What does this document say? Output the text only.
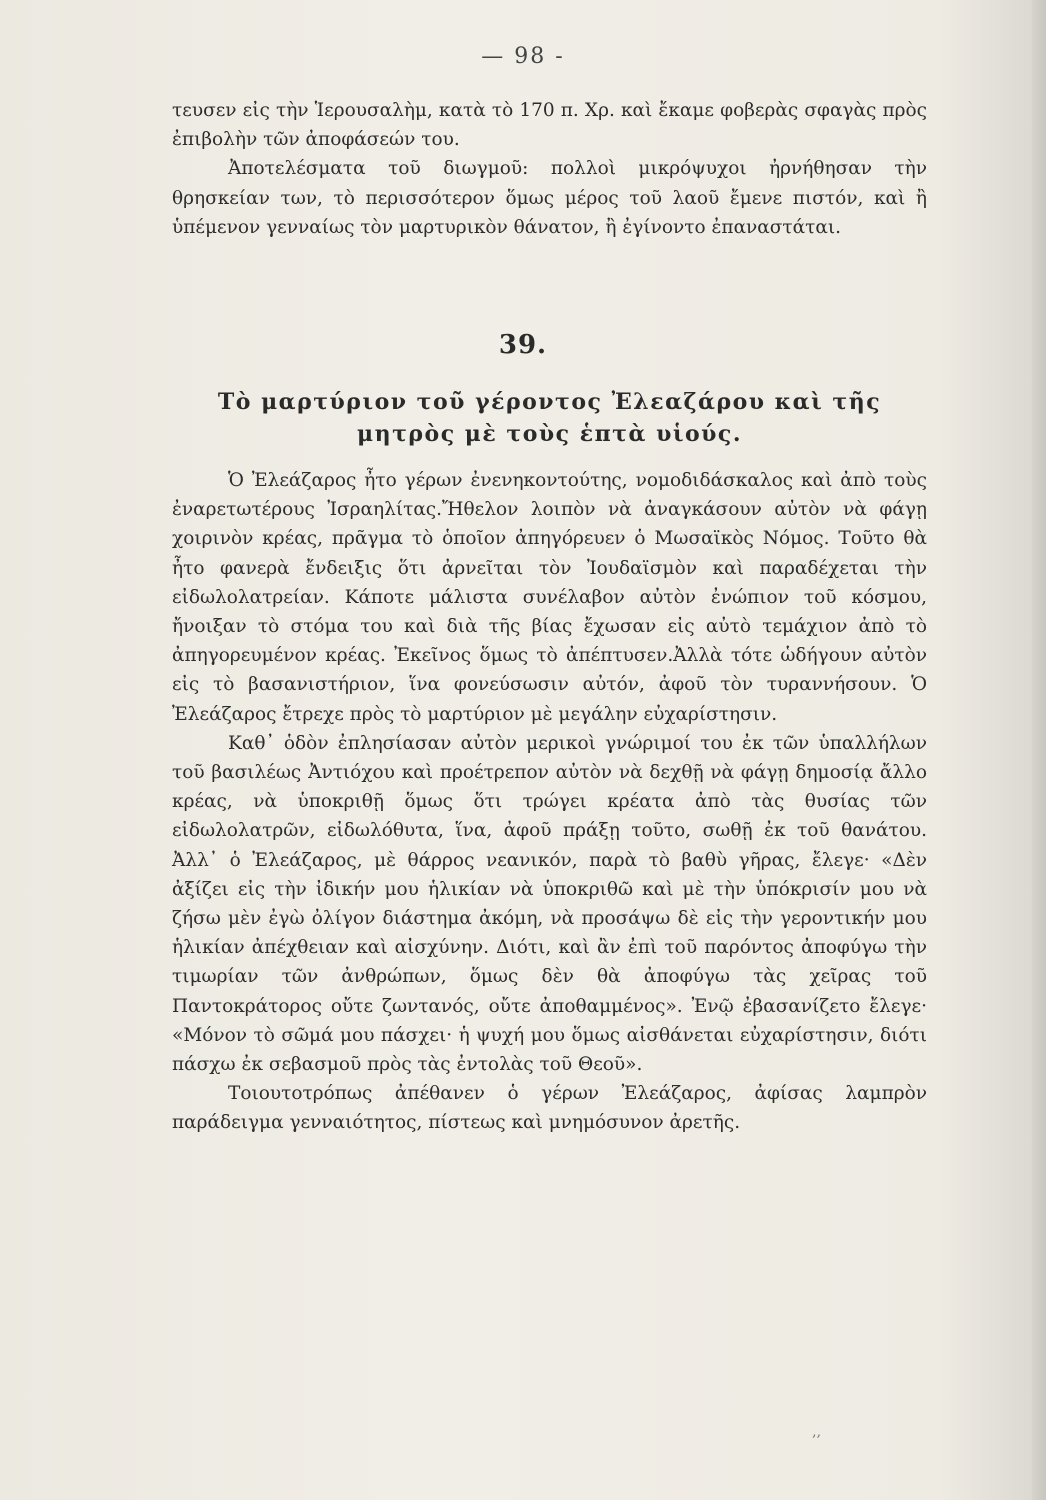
— 98 -

τευσεν εἰς τὴν Ἱερουσαλὴμ, κατὰ τὸ 170 π. Χρ. καὶ ἔκαμε φοβερὰς σφαγὰς πρὸς ἐπιβολὴν τῶν ἀποφάσεών του.

Ἀποτελέσματα τοῦ διωγμοῦ: πολλοὶ μικρόψυχοι ἠρνήθησαν τὴν θρησκείαν των, τὸ περισσότερον ὅμως μέρος τοῦ λαοῦ ἔμενε πιστόν, καὶ ἢ ὑπέμενον γενναίως τὸν μαρτυρικὸν θάνατον, ἢ ἐγίνοντο ἐπαναστάται.

39.
Τὸ μαρτύριον τοῦ γέροντος Ἐλεαζάρου καὶ τῆς μητρὸς μὲ τοὺς ἑπτὰ υἱούς.

Ὁ Ἐλεάζαρος ἦτο γέρων ἐνενηκοντούτης, νομοδιδάσκαλος καὶ ἀπὸ τοὺς ἐναρετωτέρους Ἰσραηλίτας.Ἤθελον λοιπὸν νὰ ἀναγκάσουν αὐτὸν νὰ φάγῃ χοιρινὸν κρέας, πρᾶγμα τὸ ὁποῖον ἀπηγόρευεν ὁ Μωσαϊκὸς Νόμος. Τοῦτο θὰ ἦτο φανερὰ ἔνδειξις ὅτι ἀρνεῖται τὸν Ἰουδαϊσμὸν καὶ παραδέχεται τὴν εἰδωλολατρείαν. Κάποτε μάλιστα συνέλαβον αὐτὸν ἐνώπιον τοῦ κόσμου, ἤνοιξαν τὸ στόμα του καὶ διὰ τῆς βίας ἔχωσαν εἰς αὐτὸ τεμάχιον ἀπὸ τὸ ἀπηγορευμένον κρέας. Ἐκεῖνος ὅμως τὸ ἀπέπτυσεν.Ἀλλὰ τότε ὡδήγουν αὐτὸν εἰς τὸ βασανιστήριον, ἵνα φονεύσωσιν αὐτόν, ἀφοῦ τὸν τυραννήσουν. Ὁ Ἐλεάζαρος ἔτρεχε πρὸς τὸ μαρτύριον μὲ μεγάλην εὐχαρίστησιν.

Καθ᾽ ὁδὸν ἐπλησίασαν αὐτὸν μερικοὶ γνώριμοί του ἐκ τῶν ὑπαλλήλων τοῦ βασιλέως Ἀντιόχου καὶ προέτρεπον αὐτὸν νὰ δεχθῇ νὰ φάγῃ δημοσίᾳ ἄλλο κρέας, νὰ ὑποκριθῇ ὅμως ὅτι τρώγει κρέατα ἀπὸ τὰς θυσίας τῶν εἰδωλολατρῶν, εἰδωλόθυτα, ἵνα, ἀφοῦ πράξῃ τοῦτο, σωθῇ ἐκ τοῦ θανάτου. Ἀλλ᾽ ὁ Ἐλεάζαρος, μὲ θάρρος νεανικόν, παρὰ τὸ βαθὺ γῆρας, ἔλεγε· «Δὲν ἀξίζει εἰς τὴν ἰδικήν μου ἡλικίαν νὰ ὑποκριθῶ καὶ μὲ τὴν ὑπόκρισίν μου νὰ ζήσω μὲν ἐγὼ ὀλίγον διάστημα ἀκόμη, νὰ προσάψω δὲ εἰς τὴν γεροντικήν μου ἡλικίαν ἀπέχθειαν καὶ αἰσχύνην. Διότι, καὶ ἂν ἐπὶ τοῦ παρόντος ἀποφύγω τὴν τιμωρίαν τῶν ἀνθρώπων, ὅμως δὲν θὰ ἀποφύγω τὰς χεῖρας τοῦ Παντοκράτορος οὔτε ζωντανός, οὔτε ἀποθαμμένος». Ἐνῷ ἐβασανίζετο ἔλεγε· «Μόνον τὸ σῶμά μου πάσχει· ἡ ψυχή μου ὅμως αἰσθάνεται εὐχαρίστησιν, διότι πάσχω ἐκ σεβασμοῦ πρὸς τὰς ἐντολὰς τοῦ Θεοῦ».

Τοιουτοτρόπως ἀπέθανεν ὁ γέρων Ἐλεάζαρος, ἀφίσας λαμπρὸν παράδειγμα γενναιότητος, πίστεως καὶ μνημόσυνον ἀρετῆς.

‚‚
